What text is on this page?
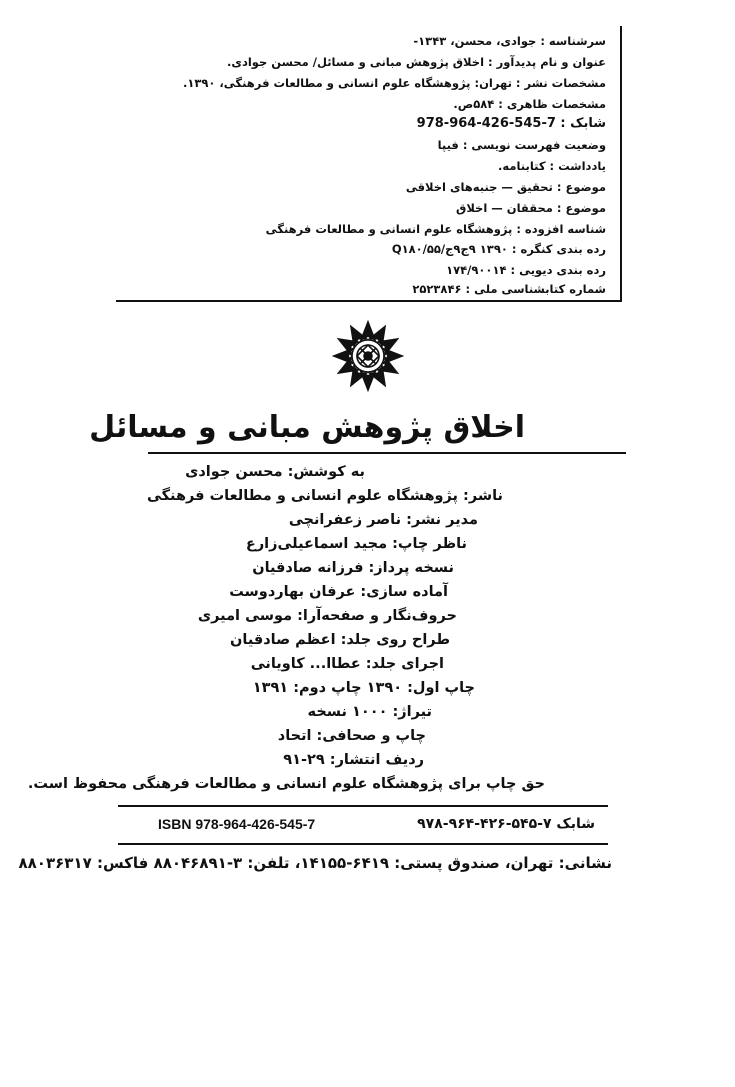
سرشناسه : جوادی، محسن، ۱۳۴۳-
عنوان و نام پدیدآور : اخلاق پژوهش مبانی و مسائل/ محسن جوادی.
مشخصات نشر : تهران: پژوهشگاه علوم انسانی و مطالعات فرهنگی، ۱۳۹۰.
مشخصات ظاهری : ۵۸۴ص.
شابک : 7-545-426-964-978
وضعیت فهرست نویسی : فیپا
یادداشت : کتابنامه.
موضوع : تحقیق — جنبه‌های اخلاقی
موضوع : محققان — اخلاق
شناسه افزوده : پژوهشگاه علوم انسانی و مطالعات فرهنگی
رده بندی کنگره : ۱۳۹۰ ۹ج۹ج/۵۵/Q۱۸۰
رده بندی دیویی : ۱۷۴/۹۰۰۱۴
شماره کتابشناسی ملی : ۲۵۲۳۸۴۶
اخلاق پژوهش مبانی و مسائل
به کوشش: محسن جوادی
ناشر: پژوهشگاه علوم انسانی و مطالعات فرهنگی
مدیر نشر: ناصر زعفرانچی
ناظر چاپ: مجید اسماعیلی‌زارع
نسخه پرداز: فرزانه صادقیان
آماده سازی: عرفان بهاردوست
حروف‌نگار و صفحه‌آرا: موسی امیری
طراح روی جلد: اعظم صادقیان
اجرای جلد: عطاا... کاویانی
چاپ اول: ۱۳۹۰ چاپ دوم: ۱۳۹۱
تیراژ: ۱۰۰۰ نسخه
چاپ و صحافی: اتحاد
ردیف انتشار: ۲۹-۹۱
حق چاپ برای پژوهشگاه علوم انسانی و مطالعات فرهنگی محفوظ است.
شابک ۷-۵۴۵-۴۲۶-۹۶۴-۹۷۸
ISBN 978-964-426-545-7
نشانی: تهران، صندوق پستی: ۶۴۱۹-۱۴۱۵۵، تلفن: ۳-۸۸۰۴۶۸۹۱ فاکس: ۸۸۰۳۶۳۱۷
